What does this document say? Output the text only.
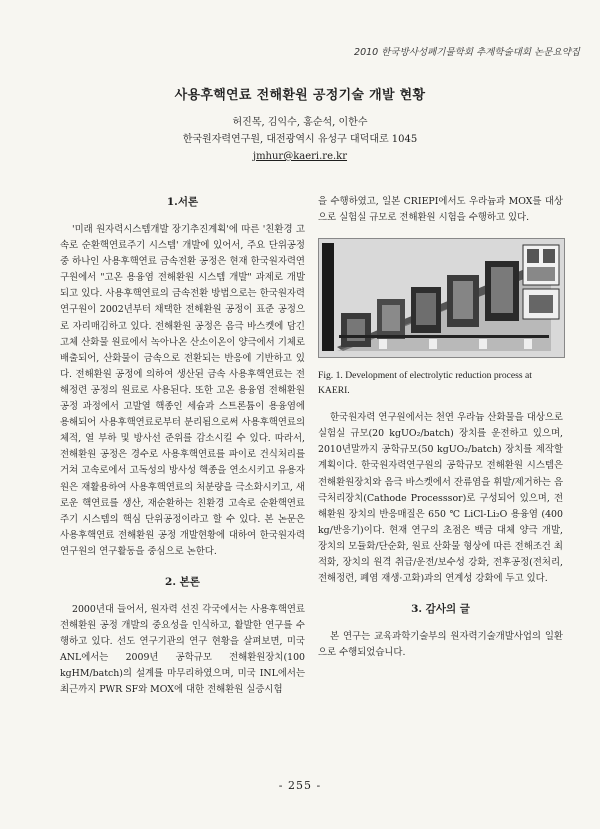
2010 한국방사성폐기물학회 추계학술대회 논문요약집
사용후핵연료 전해환원 공정기술 개발 현황
허진목, 김익수, 홍순석, 이한수
한국원자력연구원, 대전광역시 유성구 대덕대로 1045
jmhur@kaeri.re.kr
1.서론

'미래 원자력시스템개발 장기추진계획'에 따른 '친환경 고속로 순환핵연료주기 시스템' 개발에 있어서, 주요 단위공정 중 하나인 사용후핵연료 금속전환 공정은 현재 한국원자력연구원에서 "고온 용융염 전해환원 시스템 개발" 과제로 개발되고 있다. 사용후핵연료의 금속전환 방법으로는 한국원자력연구원이 2002년부터 채택한 전해환원 공정이 표준 공정으로 자리매김하고 있다. 전해환원 공정은 음극 바스켓에 담긴 고체 산화물 원료에서 녹아나온 산소이온이 양극에서 기체로 배출되어, 산화물이 금속으로 전환되는 반응에 기반하고 있다. 전해환원 공정에 의하여 생산된 금속 사용후핵연료는 전해정련 공정의 원료로 사용된다. 또한 고온 용융염 전해환원 공정 과정에서 고발열 핵종인 세슘과 스트론튬이 용융염에 용해되어 사용후핵연료로부터 분리됨으로써 사용후핵연료의 체적, 열 부하 및 방사선 준위를 감소시킬 수 있다. 따라서, 전해환원 공정은 경수로 사용후핵연료를 파이로 건식처리를 거쳐 고속로에서 고독성의 방사성 핵종을 연소시키고 유용자원은 재활용하여 사용후핵연료의 처분량을 극소화시키고, 새로운 핵연료를 생산, 재순환하는 친환경 고속로 순환핵연료주기 시스템의 핵심 단위공정이라고 할 수 있다. 본 논문은 사용후핵연료 전해환원 공정 개발현황에 대하여 한국원자력연구원의 연구활동을 중심으로 논한다.

2. 본론

2000년대 들어서, 원자력 선진 각국에서는 사용후핵연료 전해환원 공정 개발의 중요성을 인식하고, 활발한 연구를 수행하고 있다. 선도 연구기관의 연구 현황을 살펴보면, 미국 ANL에서는 2009년 공학규모 전해환원장치(100 kgHM/batch)의 설계를 마무리하였으며, 미국 INL에서는 최근까지 PWR SF와 MOX에 대한 전해환원 실증시험

을 수행하였고, 일본 CRIEPI에서도 우라늄과 MOX를 대상으로 실험실 규모로 전해환원 시험을 수행하고 있다.

Fig. 1. Development of electrolytic reduction process at KAERI.

한국원자력 연구원에서는 천연 우라늄 산화물을 대상으로 실험실 규모(20 kgUO₂/batch) 장치를 운전하고 있으며, 2010년말까지 공학규모(50 kgUO₂/batch) 장치를 제작할 계획이다. 한국원자력연구원의 공학규모 전해환원 시스템은 전해환원장치와 음극 바스켓에서 잔류염을 휘발/제거하는 음극처리장치(Cathode Processsor)로 구성되어 있으며, 전해환원 장치의 반응매질은 650 ℃ LiCl-Li₂O 용융염 (400 kg/반응기)이다. 현재 연구의 초점은 백금 대체 양극 개발, 장치의 모듈화/단순화, 원료 산화물 형상에 따른 전해조건 최적화, 장치의 원격 취급/운전/보수성 강화, 전후공정(전처리, 전해정련, 폐염 재생·고화)과의 연계성 강화에 두고 있다.

3. 감사의 글

본 연구는 교육과학기술부의 원자력기술개발사업의 일환으로 수행되었습니다.

- 255 -
